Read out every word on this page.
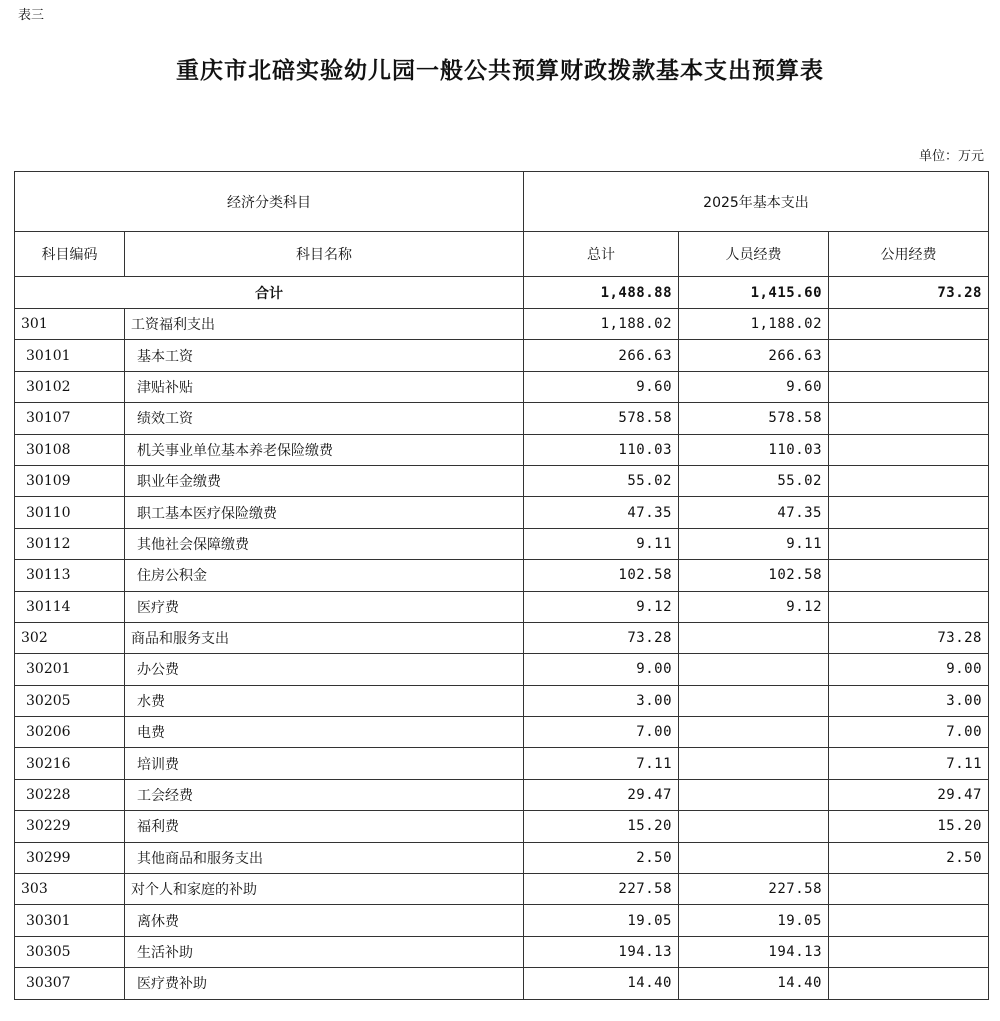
表三
重庆市北碚实验幼儿园一般公共预算财政拨款基本支出预算表
单位：万元
经济分类科目		2025年基本支出		
科目编码	科目名称	总计	人员经费	公用经费
合计		1,488.88	1,415.60	73.28
301	工资福利支出	1,188.02	1,188.02	
30101	基本工资	266.63	266.63	
30102	津贴补贴	9.60	9.60	
30107	绩效工资	578.58	578.58	
30108	机关事业单位基本养老保险缴费	110.03	110.03	
30109	职业年金缴费	55.02	55.02	
30110	职工基本医疗保险缴费	47.35	47.35	
30112	其他社会保障缴费	9.11	9.11	
30113	住房公积金	102.58	102.58	
30114	医疗费	9.12	9.12	
302	商品和服务支出	73.28		73.28
30201	办公费	9.00		9.00
30205	水费	3.00		3.00
30206	电费	7.00		7.00
30216	培训费	7.11		7.11
30228	工会经费	29.47		29.47
30229	福利费	15.20		15.20
30299	其他商品和服务支出	2.50		2.50
303	对个人和家庭的补助	227.58	227.58	
30301	离休费	19.05	19.05	
30305	生活补助	194.13	194.13	
30307	医疗费补助	14.40	14.40	
